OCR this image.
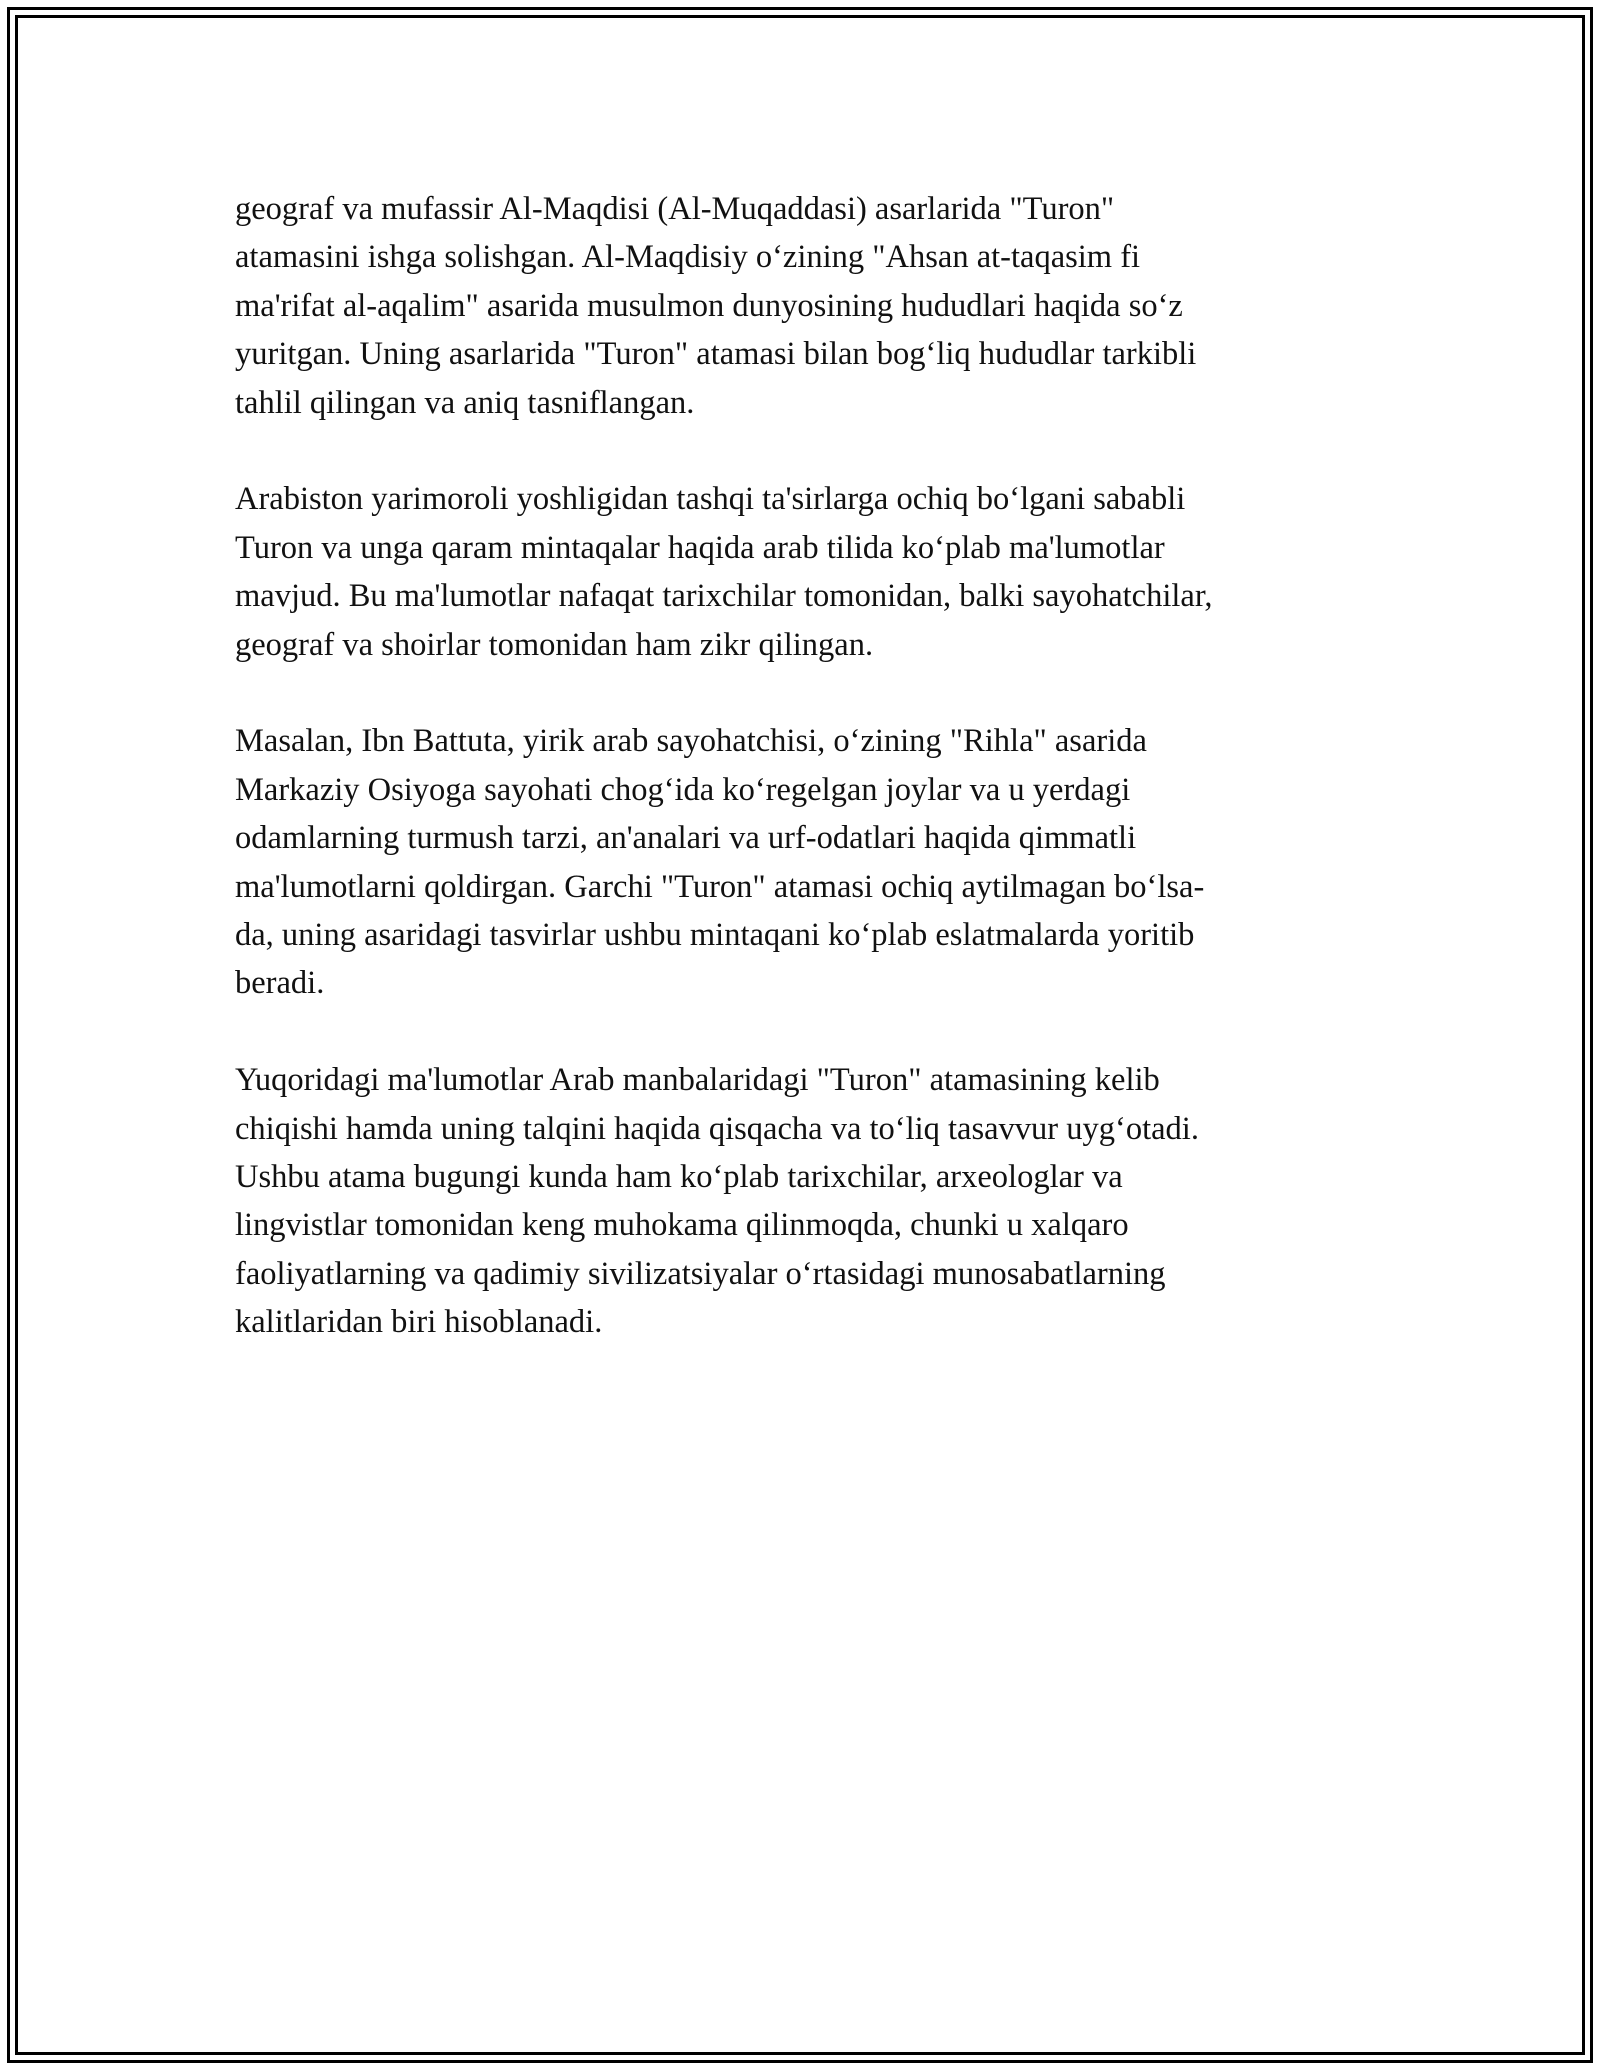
geograf va mufassir Al-Maqdisi (Al-Muqaddasi) asarlarida "Turon"
atamasini ishga solishgan. Al-Maqdisiy o‘zining "Ahsan at-taqasim fi
ma'rifat al-aqalim" asarida musulmon dunyosining hududlari haqida so‘z
yuritgan. Uning asarlarida "Turon" atamasi bilan bog‘liq hududlar tarkibli
tahlil qilingan va aniq tasniflangan.

Arabiston yarimoroli yoshligidan tashqi ta'sirlarga ochiq bo‘lgani sababli
Turon va unga qaram mintaqalar haqida arab tilida ko‘plab ma'lumotlar
mavjud. Bu ma'lumotlar nafaqat tarixchilar tomonidan, balki sayohatchilar,
geograf va shoirlar tomonidan ham zikr qilingan.

Masalan, Ibn Battuta, yirik arab sayohatchisi, o‘zining "Rihla" asarida
Markaziy Osiyoga sayohati chog‘ida ko‘regelgan joylar va u yerdagi
odamlarning turmush tarzi, an'analari va urf-odatlari haqida qimmatli
ma'lumotlarni qoldirgan. Garchi "Turon" atamasi ochiq aytilmagan bo‘lsa-
da, uning asaridagi tasvirlar ushbu mintaqani ko‘plab eslatmalarda yoritib
beradi.

Yuqoridagi ma'lumotlar Arab manbalaridagi "Turon" atamasining kelib
chiqishi hamda uning talqini haqida qisqacha va to‘liq tasavvur uyg‘otadi.
Ushbu atama bugungi kunda ham ko‘plab tarixchilar, arxeologlar va
lingvistlar tomonidan keng muhokama qilinmoqda, chunki u xalqaro
faoliyatlarning va qadimiy sivilizatsiyalar o‘rtasidagi munosabatlarning
kalitlaridan biri hisoblanadi.
